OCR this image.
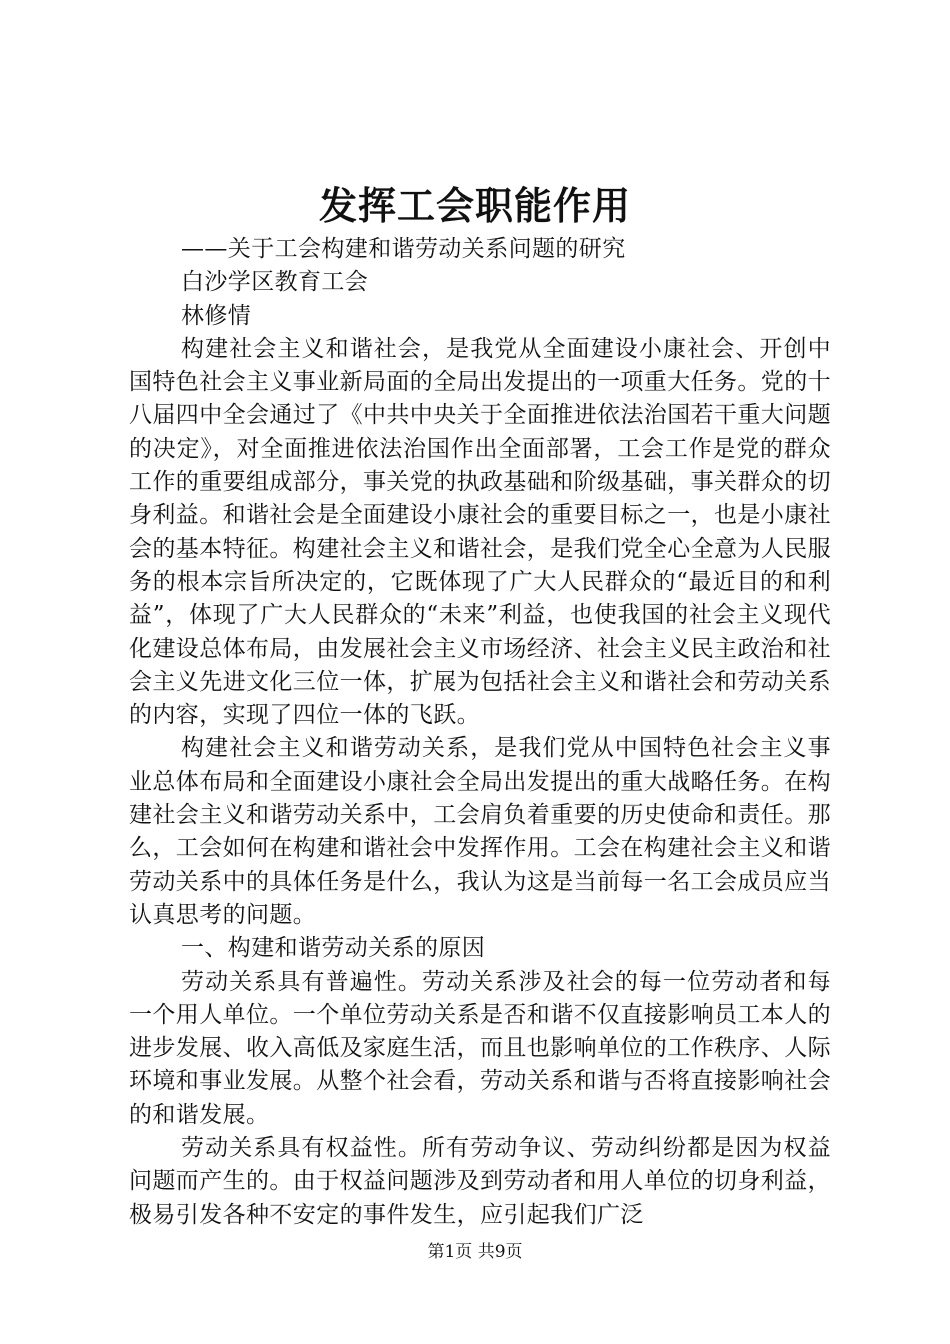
发挥工会职能作用

——关于工会构建和谐劳动关系问题的研究

白沙学区教育工会

林修情

构建社会主义和谐社会，是我党从全面建设小康社会、开创中国特色社会主义事业新局面的全局出发提出的一项重大任务。党的十八届四中全会通过了《中共中央关于全面推进依法治国若干重大问题的决定》，对全面推进依法治国作出全面部署，工会工作是党的群众工作的重要组成部分，事关党的执政基础和阶级基础，事关群众的切身利益。和谐社会是全面建设小康社会的重要目标之一，也是小康社会的基本特征。构建社会主义和谐社会，是我们党全心全意为人民服务的根本宗旨所决定的，它既体现了广大人民群众的“最近目的和利益”，体现了广大人民群众的“未来”利益，也使我国的社会主义现代化建设总体布局，由发展社会主义市场经济、社会主义民主政治和社会主义先进文化三位一体，扩展为包括社会主义和谐社会和劳动关系的内容，实现了四位一体的飞跃。

构建社会主义和谐劳动关系，是我们党从中国特色社会主义事业总体布局和全面建设小康社会全局出发提出的重大战略任务。在构建社会主义和谐劳动关系中，工会肩负着重要的历史使命和责任。那么，工会如何在构建和谐社会中发挥作用。工会在构建社会主义和谐劳动关系中的具体任务是什么，我认为这是当前每一名工会成员应当认真思考的问题。

一、构建和谐劳动关系的原因

劳动关系具有普遍性。劳动关系涉及社会的每一位劳动者和每一个用人单位。一个单位劳动关系是否和谐不仅直接影响员工本人的进步发展、收入高低及家庭生活，而且也影响单位的工作秩序、人际环境和事业发展。从整个社会看，劳动关系和谐与否将直接影响社会的和谐发展。

劳动关系具有权益性。所有劳动争议、劳动纠纷都是因为权益问题而产生的。由于权益问题涉及到劳动者和用人单位的切身利益，极易引发各种不安定的事件发生，应引起我们广泛

第1页 共9页
